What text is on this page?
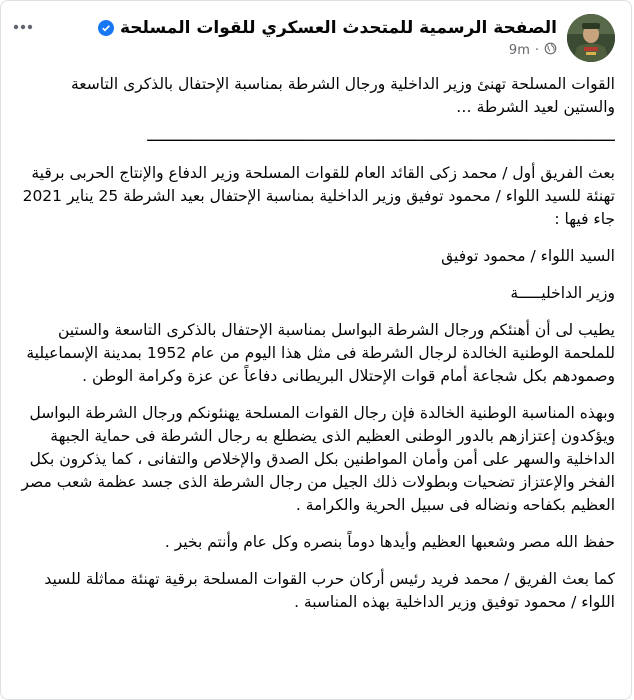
الصفحة الرسمية للمتحدث العسكري للقوات المسلحة
9m ·

القوات المسلحة تهنئ وزير الداخلية ورجال الشرطة بمناسبة الإحتفال بالذكرى التاسعة والستين لعيد الشرطة …

ـــــــــــــــــــــــــــــــــــــــــــــــــــــــــــــــــــــــــــــــــــــــــــــــــــــــ

بعث الفريق أول / محمد زكى القائد العام للقوات المسلحة وزير الدفاع والإنتاج الحربى برقية تهنئة للسيد اللواء / محمود توفيق وزير الداخلية بمناسبة الإحتفال بعيد الشرطة 25 يناير 2021 جاء فيها :

السيد اللواء / محمود توفيق

وزير الداخليـــــة

يطيب لى أن أهنئكم ورجال الشرطة البواسل بمناسبة الإحتفال بالذكرى التاسعة والستين للملحمة الوطنية الخالدة لرجال الشرطة فى مثل هذا اليوم من عام 1952 بمدينة الإسماعيلية وصمودهم بكل شجاعة أمام قوات الإحتلال البريطانى دفاعاً عن عزة وكرامة الوطن .

وبهذه المناسبة الوطنية الخالدة فإن رجال القوات المسلحة يهنئونكم ورجال الشرطة البواسل ويؤكدون إعتزازهم بالدور الوطنى العظيم الذى يضطلع به رجال الشرطة فى حماية الجبهة الداخلية والسهر على أمن وأمان المواطنين بكل الصدق والإخلاص والتفانى ، كما يذكرون بكل الفخر والإعتزاز تضحيات وبطولات ذلك الجيل من رجال الشرطة الذى جسد عظمة شعب مصر العظيم بكفاحه ونضاله فى سبيل الحرية والكرامة .

حفظ الله مصر وشعبها العظيم وأيدها دوماً بنصره وكل عام وأنتم بخير .

كما بعث الفريق / محمد فريد رئيس أركان حرب القوات المسلحة برقية تهنئة مماثلة للسيد اللواء / محمود توفيق وزير الداخلية بهذه المناسبة .
